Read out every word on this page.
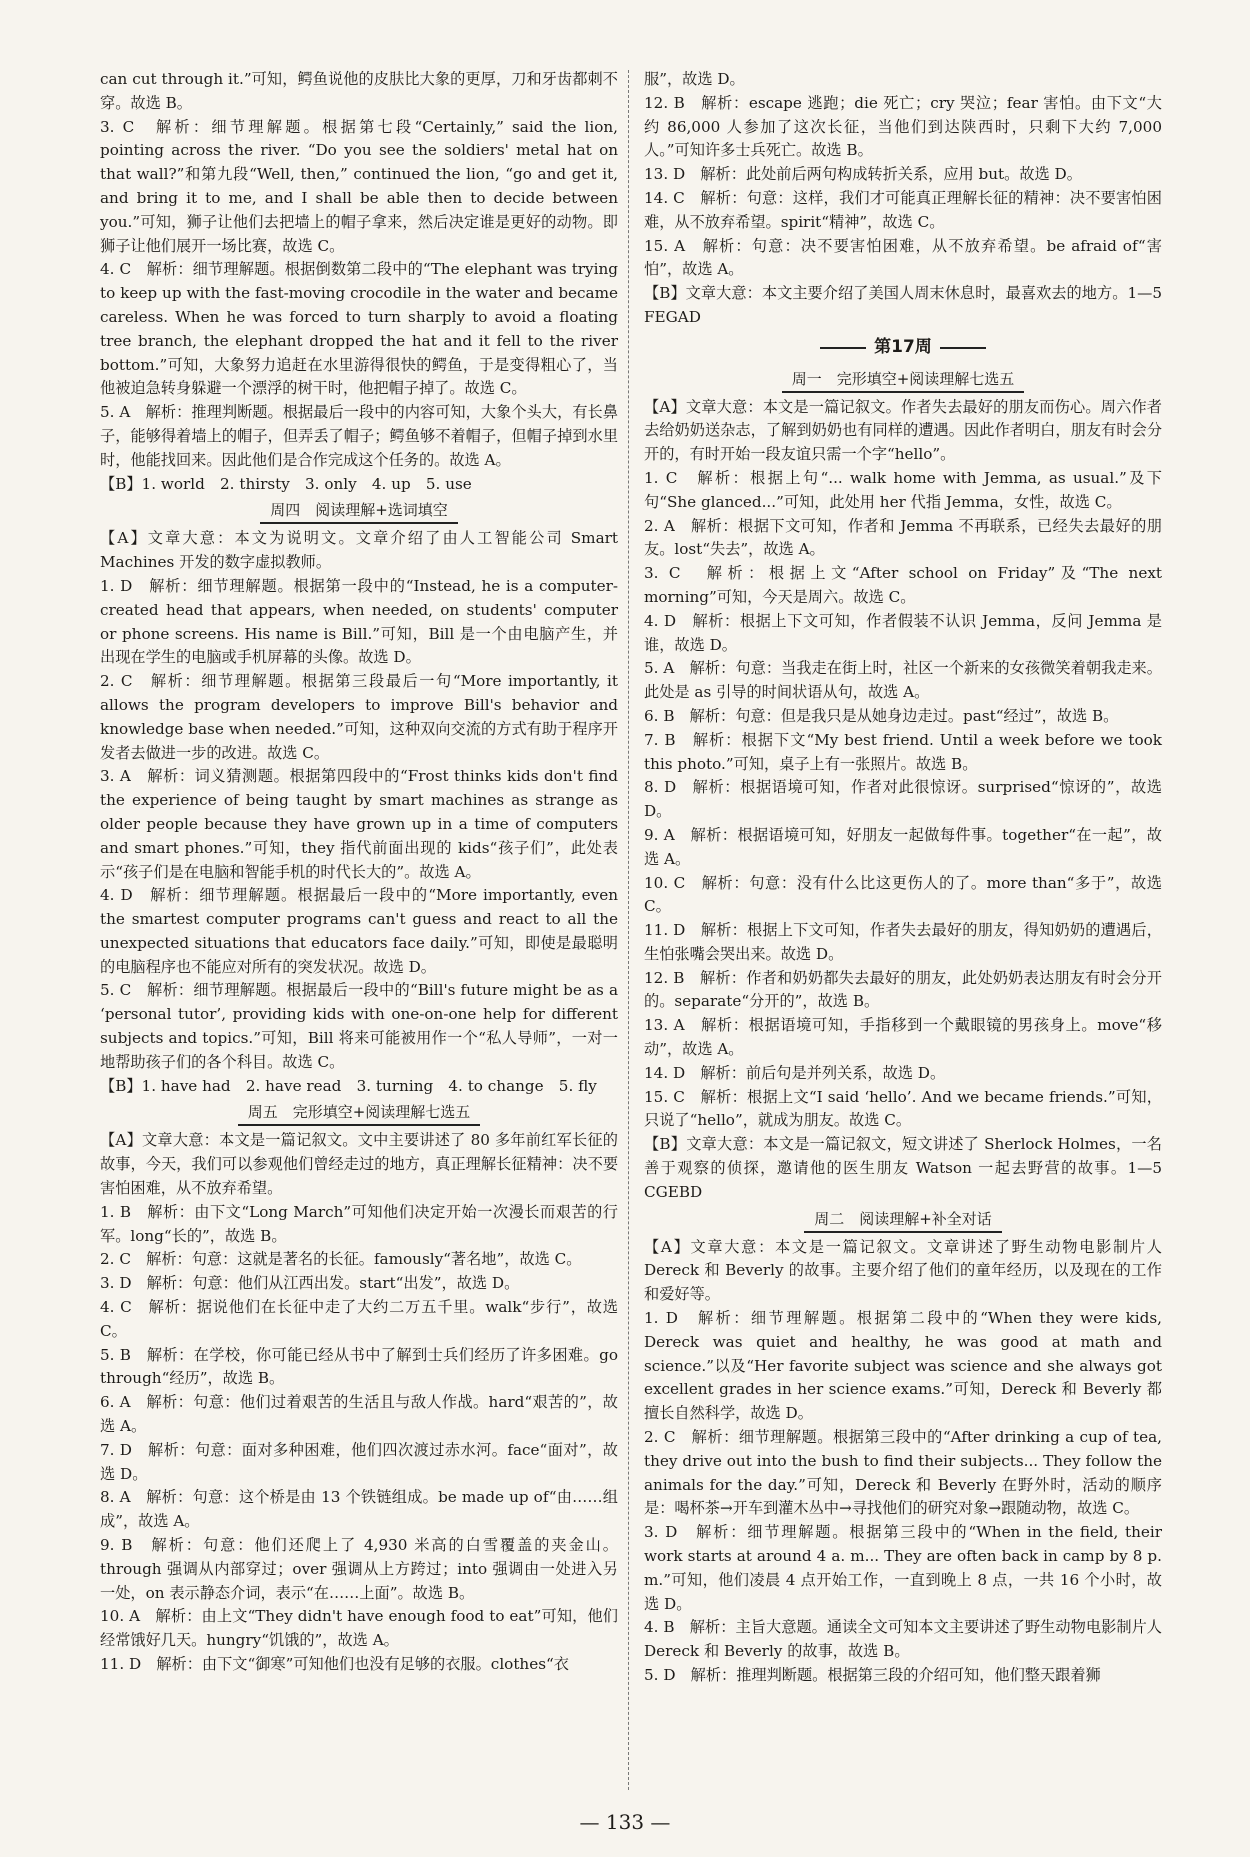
can cut through it.”可知，鳄鱼说他的皮肤比大象的更厚，刀和牙齿都刺不穿。故选 B。

3. C　解析：细节理解题。根据第七段“Certainly,” said the lion, pointing across the river. “Do you see the soldiers' metal hat on that wall?”和第九段“Well, then,” continued the lion, “go and get it, and bring it to me, and I shall be able then to decide between you.”可知，狮子让他们去把墙上的帽子拿来，然后决定谁是更好的动物。即狮子让他们展开一场比赛，故选 C。

4. C　解析：细节理解题。根据倒数第二段中的“The elephant was trying to keep up with the fast-moving crocodile in the water and became careless. When he was forced to turn sharply to avoid a floating tree branch, the elephant dropped the hat and it fell to the river bottom.”可知，大象努力追赶在水里游得很快的鳄鱼，于是变得粗心了，当他被迫急转身躲避一个漂浮的树干时，他把帽子掉了。故选 C。

5. A　解析：推理判断题。根据最后一段中的内容可知，大象个头大，有长鼻子，能够得着墙上的帽子，但弄丢了帽子；鳄鱼够不着帽子，但帽子掉到水里时，他能找回来。因此他们是合作完成这个任务的。故选 A。

【B】1. world　2. thirsty　3. only　4. up　5. use

周四　阅读理解+选词填空

【A】文章大意：本文为说明文。文章介绍了由人工智能公司 Smart Machines 开发的数字虚拟教师。

1. D　解析：细节理解题。根据第一段中的“Instead, he is a computer-created head that appears, when needed, on students' computer or phone screens. His name is Bill.”可知，Bill 是一个由电脑产生，并出现在学生的电脑或手机屏幕的头像。故选 D。

2. C　解析：细节理解题。根据第三段最后一句“More importantly, it allows the program developers to improve Bill's behavior and knowledge base when needed.”可知，这种双向交流的方式有助于程序开发者去做进一步的改进。故选 C。

3. A　解析：词义猜测题。根据第四段中的“Frost thinks kids don't find the experience of being taught by smart machines as strange as older people because they have grown up in a time of computers and smart phones.”可知，they 指代前面出现的 kids“孩子们”，此处表示“孩子们是在电脑和智能手机的时代长大的”。故选 A。

4. D　解析：细节理解题。根据最后一段中的“More importantly, even the smartest computer programs can't guess and react to all the unexpected situations that educators face daily.”可知，即使是最聪明的电脑程序也不能应对所有的突发状况。故选 D。

5. C　解析：细节理解题。根据最后一段中的“Bill's future might be as a ‘personal tutor’, providing kids with one-on-one help for different subjects and topics.”可知，Bill 将来可能被用作一个“私人导师”，一对一地帮助孩子们的各个科目。故选 C。

【B】1. have had　2. have read　3. turning　4. to change　5. fly

周五　完形填空+阅读理解七选五

【A】文章大意：本文是一篇记叙文。文中主要讲述了 80 多年前红军长征的故事，今天，我们可以参观他们曾经走过的地方，真正理解长征精神：决不要害怕困难，从不放弃希望。

1. B　解析：由下文“Long March”可知他们决定开始一次漫长而艰苦的行军。long“长的”，故选 B。

2. C　解析：句意：这就是著名的长征。famously“著名地”，故选 C。

3. D　解析：句意：他们从江西出发。start“出发”，故选 D。

4. C　解析：据说他们在长征中走了大约二万五千里。walk“步行”，故选 C。

5. B　解析：在学校，你可能已经从书中了解到士兵们经历了许多困难。go through“经历”，故选 B。

6. A　解析：句意：他们过着艰苦的生活且与敌人作战。hard“艰苦的”，故选 A。

7. D　解析：句意：面对多种困难，他们四次渡过赤水河。face“面对”，故选 D。

8. A　解析：句意：这个桥是由 13 个铁链组成。be made up of“由……组成”，故选 A。

9. B　解析：句意：他们还爬上了 4,930 米高的白雪覆盖的夹金山。through 强调从内部穿过；over 强调从上方跨过；into 强调由一处进入另一处，on 表示静态介词，表示“在……上面”。故选 B。

10. A　解析：由上文“They didn't have enough food to eat”可知，他们经常饿好几天。hungry“饥饿的”，故选 A。

11. D　解析：由下文“御寒”可知他们也没有足够的衣服。clothes“衣

服”，故选 D。

12. B　解析：escape 逃跑；die 死亡；cry 哭泣；fear 害怕。由下文“大约 86,000 人参加了这次长征，当他们到达陕西时，只剩下大约 7,000 人。”可知许多士兵死亡。故选 B。

13. D　解析：此处前后两句构成转折关系，应用 but。故选 D。

14. C　解析：句意：这样，我们才可能真正理解长征的精神：决不要害怕困难，从不放弃希望。spirit“精神”，故选 C。

15. A　解析：句意：决不要害怕困难，从不放弃希望。be afraid of“害怕”，故选 A。

【B】文章大意：本文主要介绍了美国人周末休息时，最喜欢去的地方。1—5 FEGAD

第17周
周一　完形填空+阅读理解七选五

【A】文章大意：本文是一篇记叙文。作者失去最好的朋友而伤心。周六作者去给奶奶送杂志，了解到奶奶也有同样的遭遇。因此作者明白，朋友有时会分开的，有时开始一段友谊只需一个字“hello”。

1. C　解析：根据上句“... walk home with Jemma, as usual.”及下句“She glanced...”可知，此处用 her 代指 Jemma，女性，故选 C。

2. A　解析：根据下文可知，作者和 Jemma 不再联系，已经失去最好的朋友。lost“失去”，故选 A。

3. C　解析：根据上文“After school on Friday”及“The next morning”可知，今天是周六。故选 C。

4. D　解析：根据上下文可知，作者假装不认识 Jemma，反问 Jemma 是谁，故选 D。

5. A　解析：句意：当我走在街上时，社区一个新来的女孩微笑着朝我走来。此处是 as 引导的时间状语从句，故选 A。

6. B　解析：句意：但是我只是从她身边走过。past“经过”，故选 B。

7. B　解析：根据下文“My best friend. Until a week before we took this photo.”可知，桌子上有一张照片。故选 B。

8. D　解析：根据语境可知，作者对此很惊讶。surprised“惊讶的”，故选 D。

9. A　解析：根据语境可知，好朋友一起做每件事。together“在一起”，故选 A。

10. C　解析：句意：没有什么比这更伤人的了。more than“多于”，故选 C。

11. D　解析：根据上下文可知，作者失去最好的朋友，得知奶奶的遭遇后，生怕张嘴会哭出来。故选 D。

12. B　解析：作者和奶奶都失去最好的朋友，此处奶奶表达朋友有时会分开的。separate“分开的”，故选 B。

13. A　解析：根据语境可知，手指移到一个戴眼镜的男孩身上。move“移动”，故选 A。

14. D　解析：前后句是并列关系，故选 D。

15. C　解析：根据上文“I said ‘hello’. And we became friends.”可知，只说了“hello”，就成为朋友。故选 C。

【B】文章大意：本文是一篇记叙文，短文讲述了 Sherlock Holmes，一名善于观察的侦探，邀请他的医生朋友 Watson 一起去野营的故事。1—5 CGEBD

周二　阅读理解+补全对话

【A】文章大意：本文是一篇记叙文。文章讲述了野生动物电影制片人 Dereck 和 Beverly 的故事。主要介绍了他们的童年经历，以及现在的工作和爱好等。

1. D　解析：细节理解题。根据第二段中的“When they were kids, Dereck was quiet and healthy, he was good at math and science.”以及“Her favorite subject was science and she always got excellent grades in her science exams.”可知，Dereck 和 Beverly 都擅长自然科学，故选 D。

2. C　解析：细节理解题。根据第三段中的“After drinking a cup of tea, they drive out into the bush to find their subjects... They follow the animals for the day.”可知，Dereck 和 Beverly 在野外时，活动的顺序是：喝杯茶→开车到灌木丛中→寻找他们的研究对象→跟随动物，故选 C。

3. D　解析：细节理解题。根据第三段中的“When in the field, their work starts at around 4 a. m... They are often back in camp by 8 p. m.”可知，他们凌晨 4 点开始工作，一直到晚上 8 点，一共 16 个小时，故选 D。

4. B　解析：主旨大意题。通读全文可知本文主要讲述了野生动物电影制片人 Dereck 和 Beverly 的故事，故选 B。

5. D　解析：推理判断题。根据第三段的介绍可知，他们整天跟着狮

— 133 —
